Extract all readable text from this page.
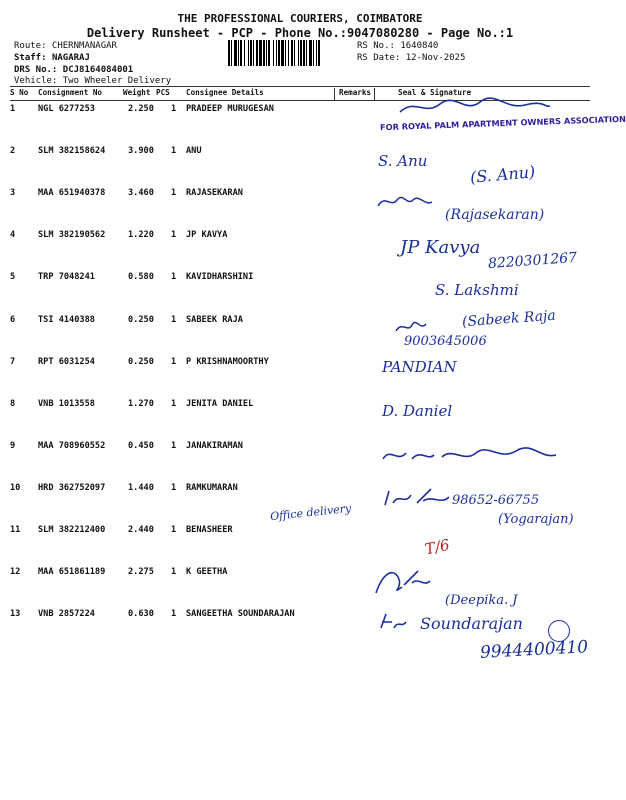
THE PROFESSIONAL COURIERS, COIMBATORE
Delivery Runsheet - PCP - Phone No.:9047080280 - Page No.:1
Route: CHERNMANAGAR
Staff: NAGARAJ
DRS No.: DCJ8164084001
Vehicle: Two Wheeler Delivery
RS No.: 1640840
RS Date: 12-Nov-2025
S No Consignment No	Weight PCS Consignee Details	Remarks	Seal & Signature
1	NGL 6277253	2.250 1 PRADEEP MURUGESAN
2	SLM 382158624	3.900 1 ANU
3	MAA 651940378	3.460 1 RAJASEKARAN
4	SLM 382190562	1.220 1 JP KAVYA
5	TRP 7048241	0.580 1 KAVIDHARSHINI
6	TSI 4140388	0.250 1 SABEEK RAJA
7	RPT 6031254	0.250 1 P KRISHNAMOORTHY
8	VNB 1013558	1.270 1 JENITA DANIEL
9	MAA 708960552	0.450 1 JANAKIRAMAN
10 HRD 362752097	1.440 1 RAMKUMARAN
11 SLM 382212400	2.440 1 BENASHEER
12 MAA 651861189	2.275 1 K GEETHA
13 VNB 2857224	0.630 1 SANGEETHA SOUNDARAJAN
FOR ROYAL PALM APARTMENT OWNERS ASSOCIATION
S. Anu
(S. Anu)
(Rajasekaran)
JP Kavya
8220301267
S. Lakshmi
(Sabeek Raja
9003645006
PANDIAN
D. Daniel
Office delivery
98652-66755
(Yogarajan)
T/6
(Deepika. J
Soundarajan
9944400410
